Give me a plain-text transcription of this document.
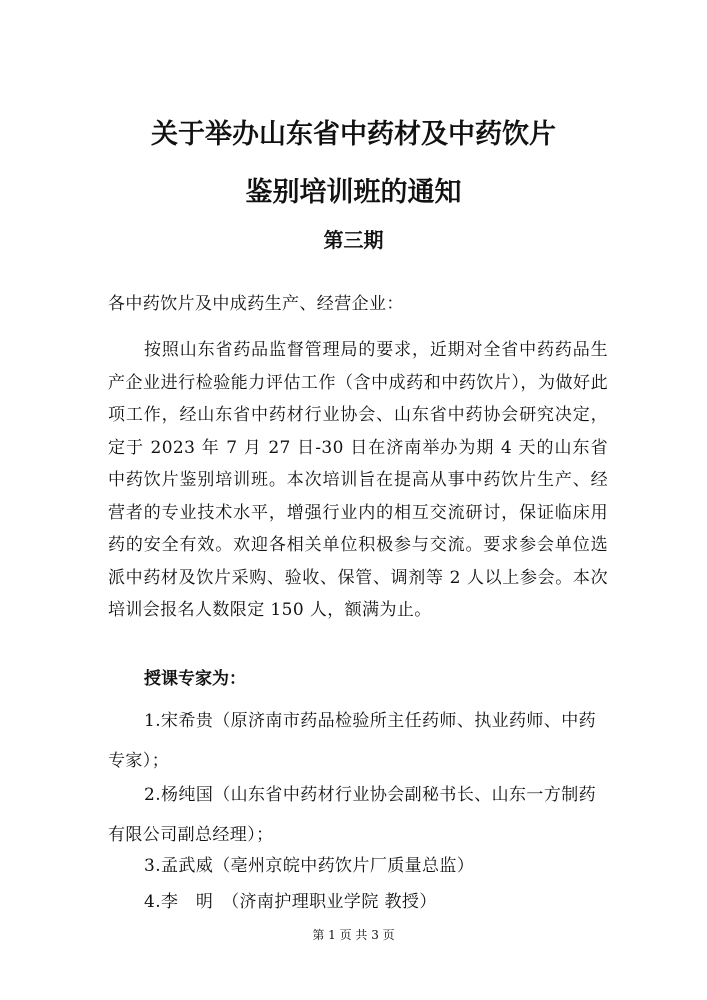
关于举办山东省中药材及中药饮片
鉴别培训班的通知
第三期

各中药饮片及中成药生产、经营企业：

按照山东省药品监督管理局的要求，近期对全省中药药品生产企业进行检验能力评估工作（含中成药和中药饮片），为做好此项工作，经山东省中药材行业协会、山东省中药协会研究决定，定于 2023 年 7 月 27 日-30 日在济南举办为期 4 天的山东省中药饮片鉴别培训班。本次培训旨在提高从事中药饮片生产、经营者的专业技术水平，增强行业内的相互交流研讨，保证临床用药的安全有效。欢迎各相关单位积极参与交流。要求参会单位选派中药材及饮片采购、验收、保管、调剂等 2 人以上参会。本次培训会报名人数限定 150 人，额满为止。

授课专家为：

1.宋希贵（原济南市药品检验所主任药师、执业药师、中药专家）；

2.杨纯国（山东省中药材行业协会副秘书长、山东一方制药有限公司副总经理）；

3.孟武威（亳州京皖中药饮片厂质量总监）

4.李　明　（济南护理职业学院 教授）

第 1 页 共 3 页
